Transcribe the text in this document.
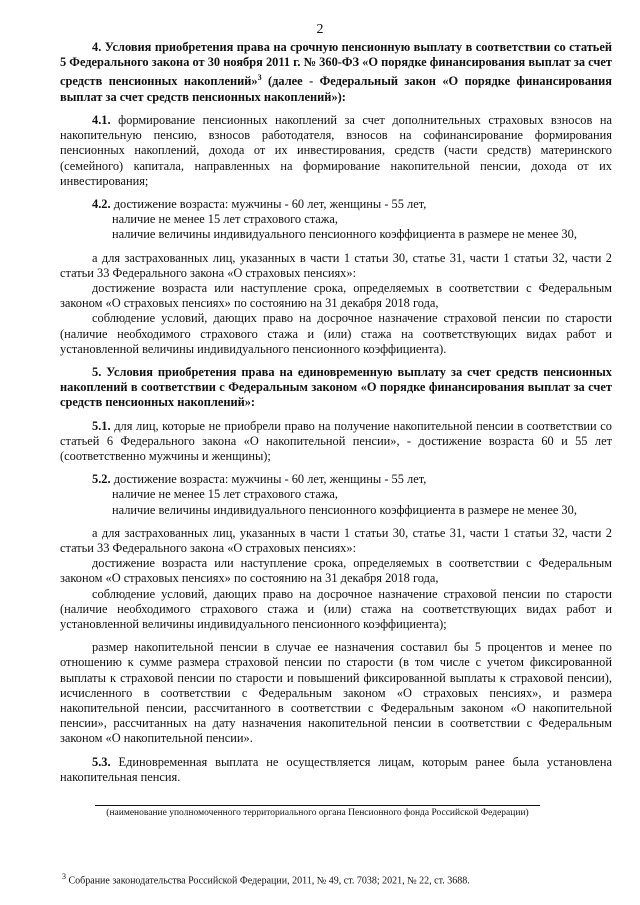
2

4. Условия приобретения права на срочную пенсионную выплату в соответствии со статьей 5 Федерального закона от 30 ноября 2011 г. № 360-ФЗ «О порядке финансирования выплат за счет средств пенсионных накоплений»$^3$ (далее - Федеральный закон «О порядке финансирования выплат за счет средств пенсионных накоплений»):

4.1. формирование пенсионных накоплений за счет дополнительных страховых взносов на накопительную пенсию, взносов работодателя, взносов на софинансирование формирования пенсионных накоплений, дохода от их инвестирования, средств (части средств) материнского (семейного) капитала, направленных на формирование накопительной пенсии, дохода от их инвестирования;

4.2. достижение возраста: мужчины - 60 лет, женщины - 55 лет,

наличие не менее 15 лет страхового стажа,

наличие величины индивидуального пенсионного коэффициента в размере не менее 30,

а для застрахованных лиц, указанных в части 1 статьи 30, статье 31, части 1 статьи 32, части 2 статьи 33 Федерального закона «О страховых пенсиях»:

достижение возраста или наступление срока, определяемых в соответствии с Федеральным законом «О страховых пенсиях» по состоянию на 31 декабря 2018 года,

соблюдение условий, дающих право на досрочное назначение страховой пенсии по старости (наличие необходимого страхового стажа и (или) стажа на соответствующих видах работ и установленной величины индивидуального пенсионного коэффициента).

5. Условия приобретения права на единовременную выплату за счет средств пенсионных накоплений в соответствии с Федеральным законом «О порядке финансирования выплат за счет средств пенсионных накоплений»:

5.1. для лиц, которые не приобрели право на получение накопительной пенсии в соответствии со статьей 6 Федерального закона «О накопительной пенсии», - достижение возраста 60 и 55 лет (соответственно мужчины и женщины);

5.2. достижение возраста: мужчины - 60 лет, женщины - 55 лет,

наличие не менее 15 лет страхового стажа,

наличие величины индивидуального пенсионного коэффициента в размере не менее 30,

а для застрахованных лиц, указанных в части 1 статьи 30, статье 31, части 1 статьи 32, части 2 статьи 33 Федерального закона «О страховых пенсиях»:

достижение возраста или наступление срока, определяемых в соответствии с Федеральным законом «О страховых пенсиях» по состоянию на 31 декабря 2018 года,

соблюдение условий, дающих право на досрочное назначение страховой пенсии по старости (наличие необходимого страхового стажа и (или) стажа на соответствующих видах работ и установленной величины индивидуального пенсионного коэффициента);

размер накопительной пенсии в случае ее назначения составил бы 5 процентов и менее по отношению к сумме размера страховой пенсии по старости (в том числе с учетом фиксированной выплаты к страховой пенсии по старости и повышений фиксированной выплаты к страховой пенсии), исчисленного в соответствии с Федеральным законом «О страховых пенсиях», и размера накопительной пенсии, рассчитанного в соответствии с Федеральным законом «О накопительной пенсии», рассчитанных на дату назначения накопительной пенсии в соответствии с Федеральным законом «О накопительной пенсии».

5.3. Единовременная выплата не осуществляется лицам, которым ранее была установлена накопительная пенсия.

(наименование уполномоченного территориального органа Пенсионного фонда Российской Федерации)
$^3$ Собрание законодательства Российской Федерации, 2011, № 49, ст. 7038; 2021, № 22, ст. 3688.
